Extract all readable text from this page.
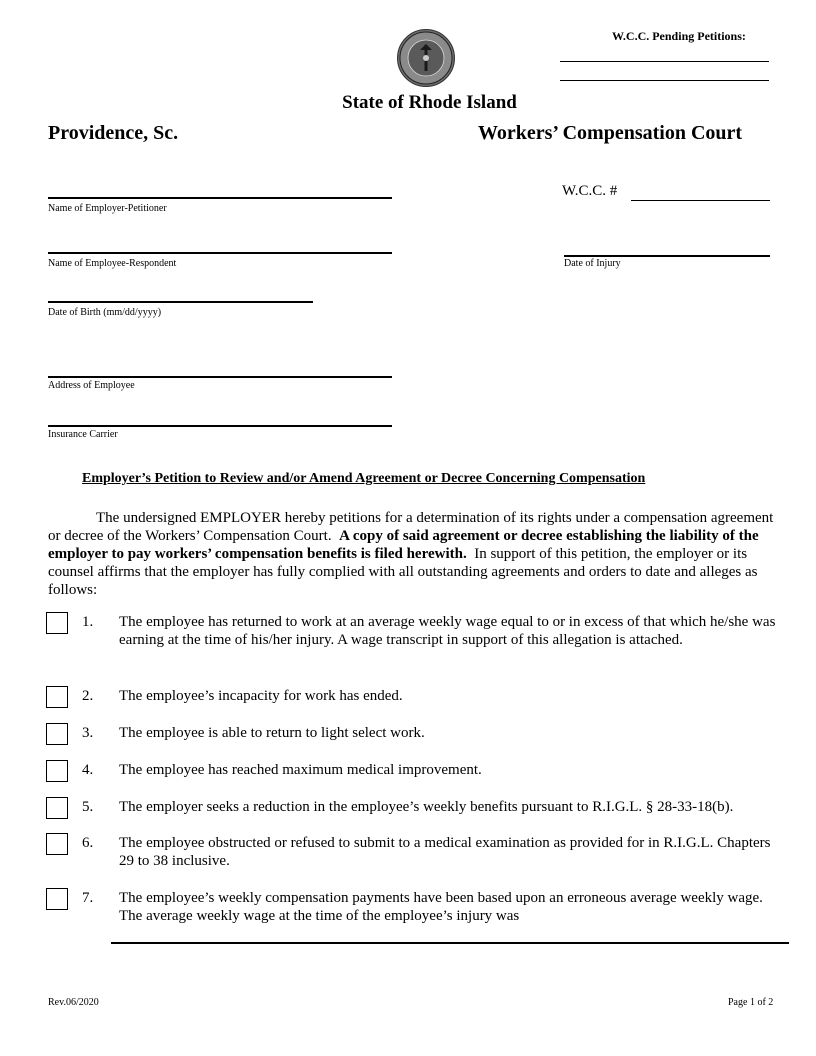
W.C.C. Pending Petitions:
State of Rhode Island
Providence, Sc.	Workers’ Compensation Court
W.C.C. #
Name of Employer-Petitioner
Name of Employee-Respondent	Date of Injury
Date of Birth (mm/dd/yyyy)
Address of Employee
Insurance Carrier
Employer’s Petition to Review and/or Amend Agreement or Decree Concerning Compensation
The undersigned EMPLOYER hereby petitions for a determination of its rights under a compensation agreement or decree of the Workers’ Compensation Court. A copy of said agreement or decree establishing the liability of the employer to pay workers’ compensation benefits is filed herewith. In support of this petition, the employer or its counsel affirms that the employer has fully complied with all outstanding agreements and orders to date and alleges as follows:
1. The employee has returned to work at an average weekly wage equal to or in excess of that which he/she was earning at the time of his/her injury. A wage transcript in support of this allegation is attached.
2. The employee’s incapacity for work has ended.
3. The employee is able to return to light select work.
4. The employee has reached maximum medical improvement.
5. The employer seeks a reduction in the employee’s weekly benefits pursuant to R.I.G.L. § 28-33-18(b).
6. The employee obstructed or refused to submit to a medical examination as provided for in R.I.G.L. Chapters 29 to 38 inclusive.
7. The employee’s weekly compensation payments have been based upon an erroneous average weekly wage. The average weekly wage at the time of the employee’s injury was
Rev.06/2020	Page 1 of 2
